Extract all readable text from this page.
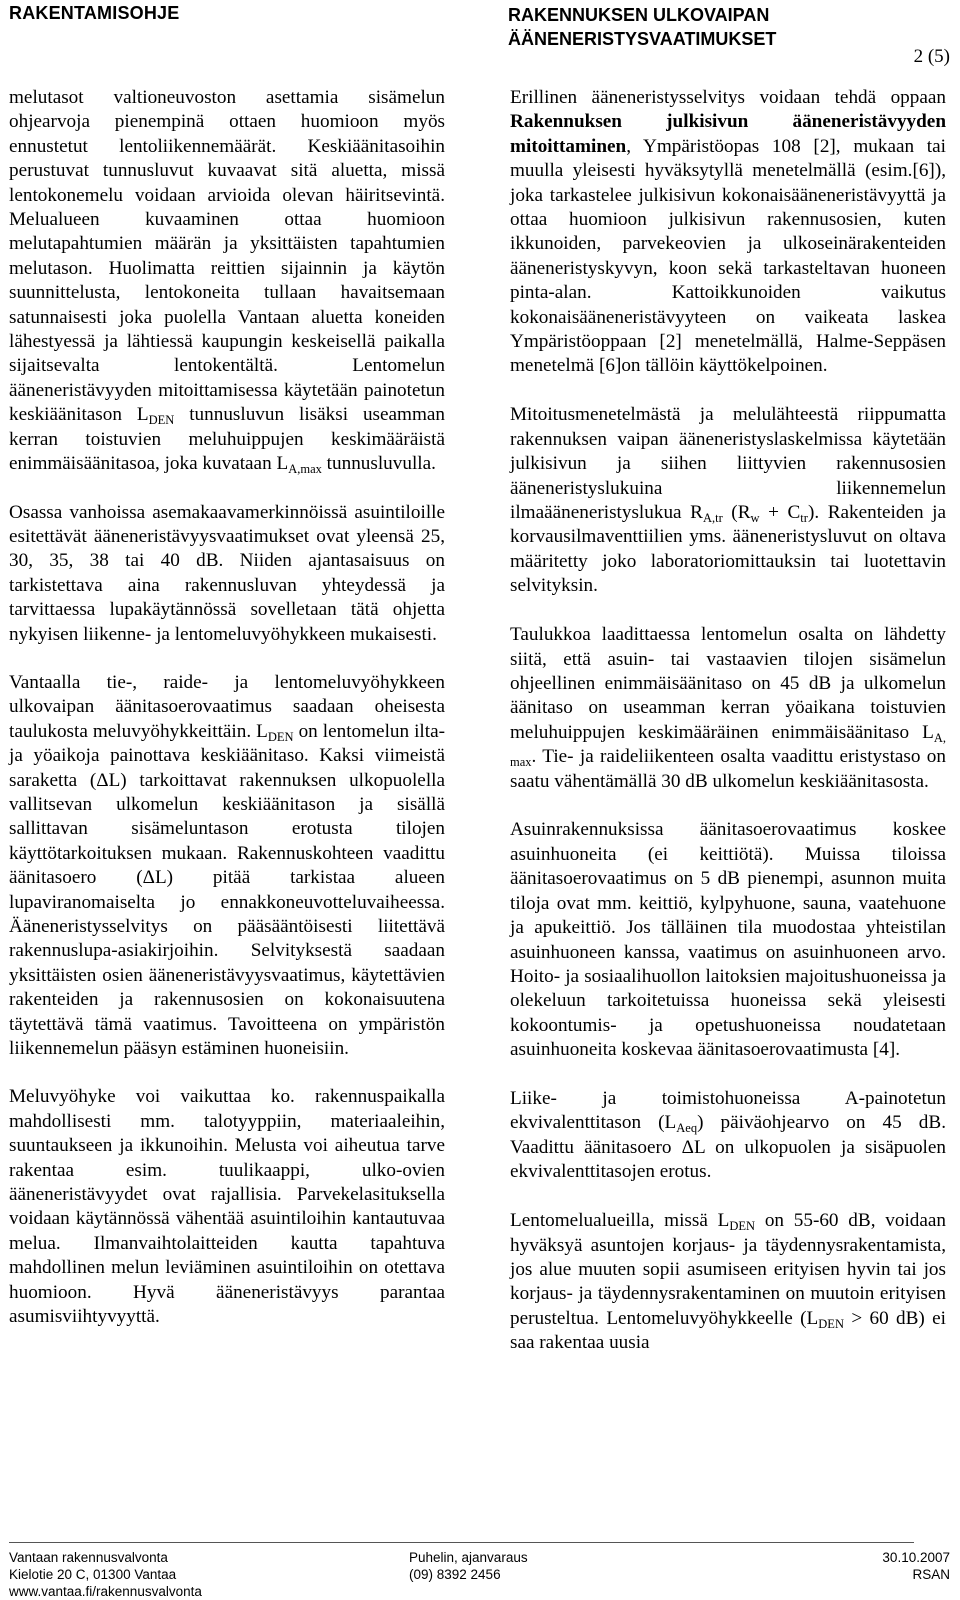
RAKENTAMISOHJE	RAKENNUKSEN ULKOVAIPAN
ÄÄNENERISTYSVAATIMUKSET
2 (5)

melutasot valtioneuvoston asettamia sisämelun ohjearvoja pienempinä ottaen huomioon myös ennustetut lentoliikennemäärät. Keskiäänitasoihin perustuvat tunnusluvut kuvaavat sitä aluetta, missä lentokonemelu voidaan arvioida olevan häiritsevintä. Melualueen kuvaaminen ottaa huomioon melutapahtumien määrän ja yksittäisten tapahtumien melutason. Huolimatta reittien sijainnin ja käytön suunnittelusta, lentokoneita tullaan havaitsemaan satunnaisesti joka puolella Vantaan aluetta koneiden lähestyessä ja lähtiessä kaupungin keskeisellä paikalla sijaitsevalta lentokentältä. Lentomelun ääneneristävyyden mitoittamisessa käytetään painotetun keskiäänitason $L_{DEN}$ tunnusluvun lisäksi useamman kerran toistuvien meluhuippujen keskimääräistä enimmäisäänitasoa, joka kuvataan $L_{A,max}$ tunnusluvulla.

Osassa vanhoissa asemakaavamerkinnöissä asuintiloille esitettävät ääneneristävyysvaatimukset ovat yleensä 25, 30, 35, 38 tai 40 dB. Niiden ajantasaisuus on tarkistettava aina rakennusluvan yhteydessä ja tarvittaessa lupakäytännössä sovelletaan tätä ohjetta nykyisen liikenne- ja lentomeluvyöhykkeen mukaisesti.

Vantaalla tie-, raide- ja lentomeluvyöhykkeen ulkovaipan äänitasoerovaatimus saadaan oheisesta taulukosta meluvyöhykkeittäin. $L_{DEN}$ on lentomelun ilta- ja yöaikoja painottava keskiäänitaso. Kaksi viimeistä saraketta (ΔL) tarkoittavat rakennuksen ulkopuolella vallitsevan ulkomelun keskiäänitason ja sisällä sallittavan sisämeluntason erotusta tilojen käyttötarkoituksen mukaan. Rakennuskohteen vaadittu äänitasoero (ΔL) pitää tarkistaa alueen lupaviranomaiselta jo ennakkoneuvotteluvaiheessa. Ääneneristysselvitys on pääsääntöisesti liitettävä rakennuslupa-asiakirjoihin. Selvityksestä saadaan yksittäisten osien ääneneristävyysvaatimus, käytettävien rakenteiden ja rakennusosien on kokonaisuutena täytettävä tämä vaatimus. Tavoitteena on ympäristön liikennemelun pääsyn estäminen huoneisiin.

Meluvyöhyke voi vaikuttaa ko. rakennuspaikalla mahdollisesti mm. talotyyppiin, materiaaleihin, suuntaukseen ja ikkunoihin. Melusta voi aiheutua tarve rakentaa esim. tuulikaappi, ulko-ovien ääneneristävyydet ovat rajallisia. Parvekelasituksella voidaan käytännössä vähentää asuintiloihin kantautuvaa melua. Ilmanvaihtolaitteiden kautta tapahtuva mahdollinen melun leviäminen asuintiloihin on otettava huomioon. Hyvä ääneneristävyys parantaa asumisviihtyvyyttä.

Erillinen ääneneristysselvitys voidaan tehdä oppaan Rakennuksen julkisivun ääneneristävyyden mitoittaminen, Ympäristöopas 108 [2], mukaan tai muulla yleisesti hyväksytyllä menetelmällä (esim.[6]), joka tarkastelee julkisivun kokonaisääneneristävyyttä ja ottaa huomioon julkisivun rakennusosien, kuten ikkunoiden, parvekeovien ja ulkoseinärakenteiden ääneneristyskyvyn, koon sekä tarkasteltavan huoneen pinta-alan. Kattoikkunoiden vaikutus kokonaisääneneristävyyteen on vaikeata laskea Ympäristöoppaan [2] menetelmällä, Halme-Seppäsen menetelmä [6]on tällöin käyttökelpoinen.

Mitoitusmenetelmästä ja melulähteestä riippumatta rakennuksen vaipan ääneneristyslaskelmissa käytetään julkisivun ja siihen liittyvien rakennusosien ääneneristyslukuina liikennemelun ilmaääneneristyslukua $R_{A,tr}$ $(R_w + C_{tr})$. Rakenteiden ja korvausilmaventtiilien yms. ääneneristysluvut on oltava määritetty joko laboratoriomittauksin tai luotettavin selvityksin.

Taulukkoa laadittaessa lentomelun osalta on lähdetty siitä, että asuin- tai vastaavien tilojen sisämelun ohjeellinen enimmäisäänitaso on 45 dB ja ulkomelun äänitaso on useamman kerran yöaikana toistuvien meluhuippujen keskimääräinen enimmäisäänitaso $L_{A, max}$. Tie- ja raideliikenteen osalta vaadittu eristystaso on saatu vähentämällä 30 dB ulkomelun keskiäänitasosta.

Asuinrakennuksissa äänitasoerovaatimus koskee asuinhuoneita (ei keittiötä). Muissa tiloissa äänitasoerovaatimus on 5 dB pienempi, asunnon muita tiloja ovat mm. keittiö, kylpyhuone, sauna, vaatehuone ja apukeittiö. Jos tälläinen tila muodostaa yhteistilan asuinhuoneen kanssa, vaatimus on asuinhuoneen arvo. Hoito- ja sosiaalihuollon laitoksien majoitushuoneissa ja olekeluun tarkoitetuissa huoneissa sekä yleisesti kokoontumis- ja opetushuoneissa noudatetaan asuinhuoneita koskevaa äänitasoerovaatimusta [4].

Liike- ja toimistohuoneissa A-painotetun ekvivalenttitason $(L_{Aeq})$ päiväohjearvo on 45 dB. Vaadittu äänitasoero ΔL on ulkopuolen ja sisäpuolen ekvivalenttitasojen erotus.

Lentomelualueilla, missä $L_{DEN}$ on 55-60 dB, voidaan hyväksyä asuntojen korjaus- ja täydennysrakentamista, jos alue muuten sopii asumiseen erityisen hyvin tai jos korjaus- ja täydennysrakentaminen on muutoin erityisen perusteltua. Lentomeluvyöhykkeelle ($L_{DEN} > 60$ dB) ei saa rakentaa uusia

Vantaan rakennusvalvonta
Kielotie 20 C, 01300 Vantaa
www.vantaa.fi/rakennusvalvonta
Puhelin, ajanvaraus
(09) 8392 2456
30.10.2007
RSAN
